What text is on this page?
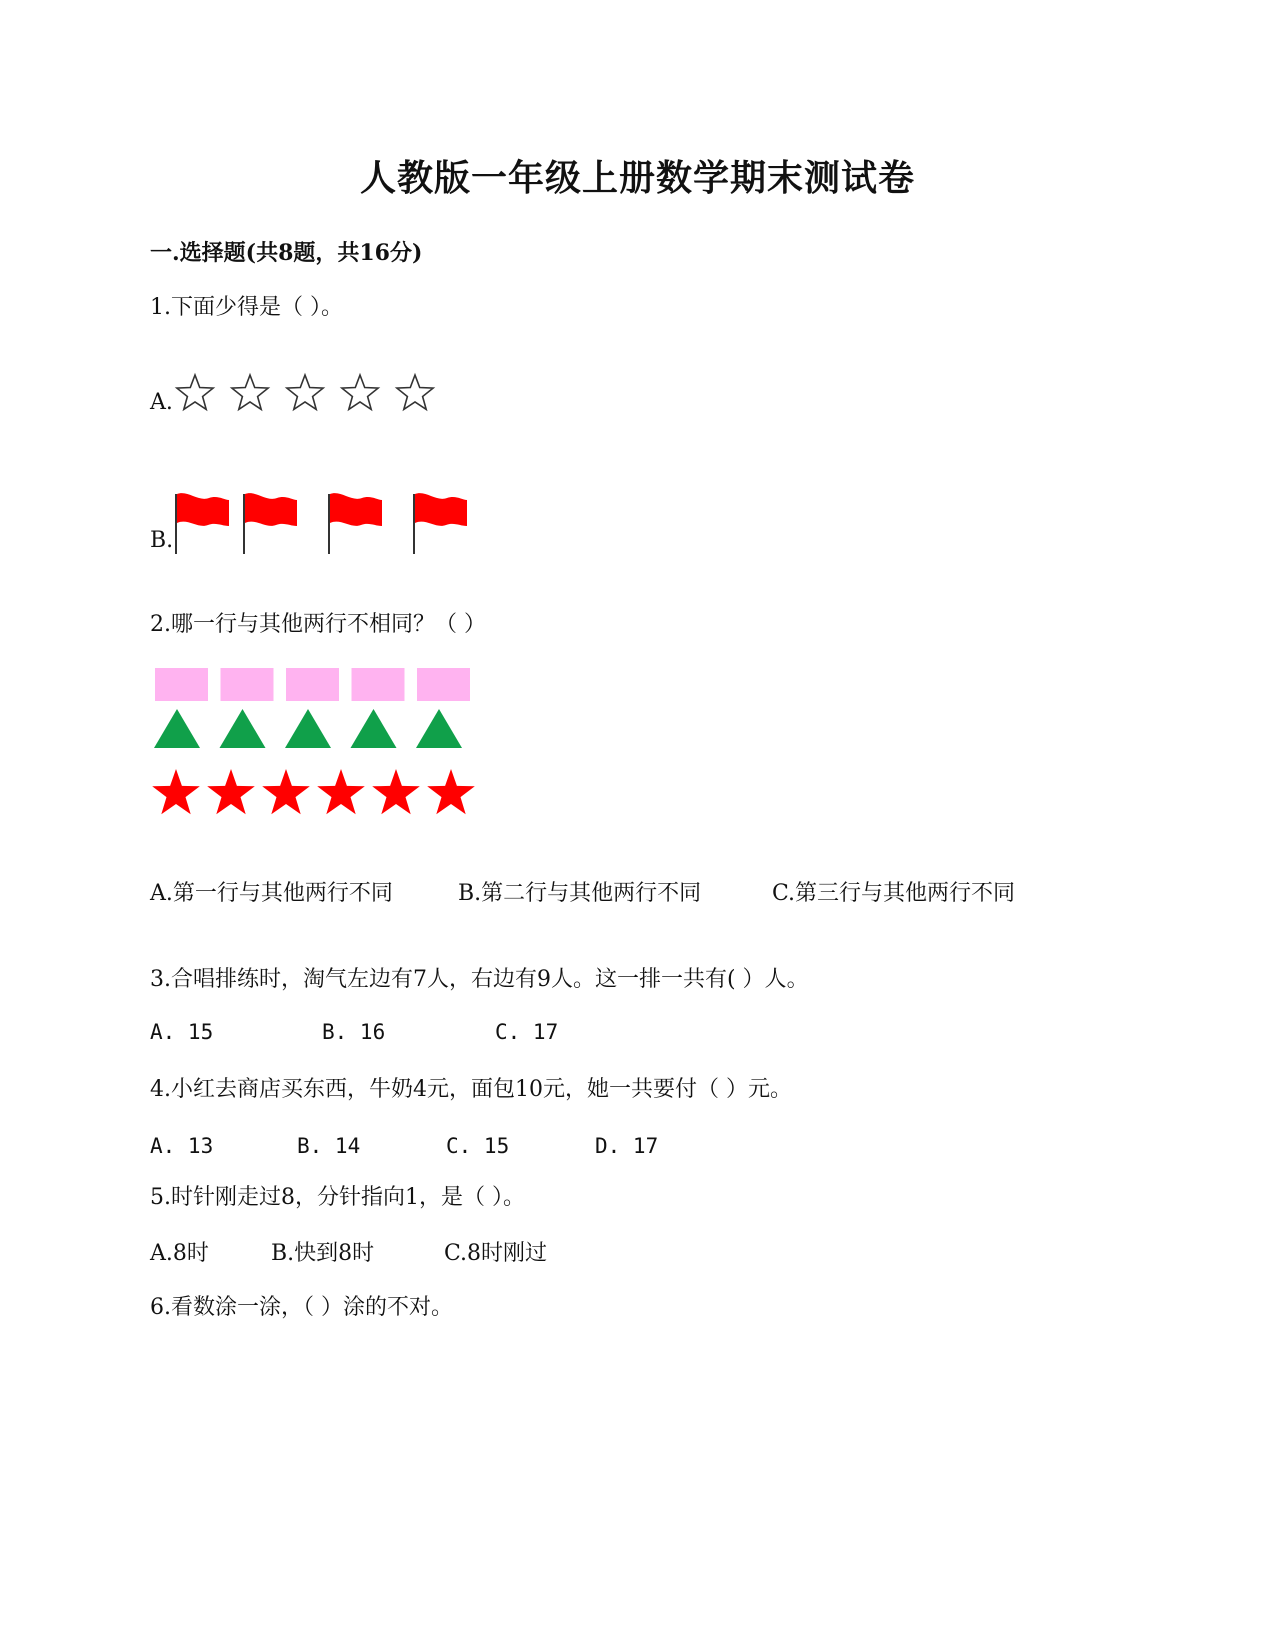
人教版一年级上册数学期末测试卷
一.选择题(共8题，共16分)
1.下面少得是（ ）。
A.
B.
2.哪一行与其他两行不相同？（ ）
A.第一行与其他两行不同	B.第二行与其他两行不同	C.第三行与其他两行不同
3.合唱排练时，淘气左边有7人，右边有9人。这一排一共有( ）人。
A. 15	B. 16	C. 17
4.小红去商店买东西，牛奶4元，面包10元，她一共要付（ ）元。
A. 13	B. 14	C. 15	D. 17
5.时针刚走过8，分针指向1，是（ ）。
A.8时	B.快到8时	C.8时刚过
6.看数涂一涂，（ ）涂的不对。
